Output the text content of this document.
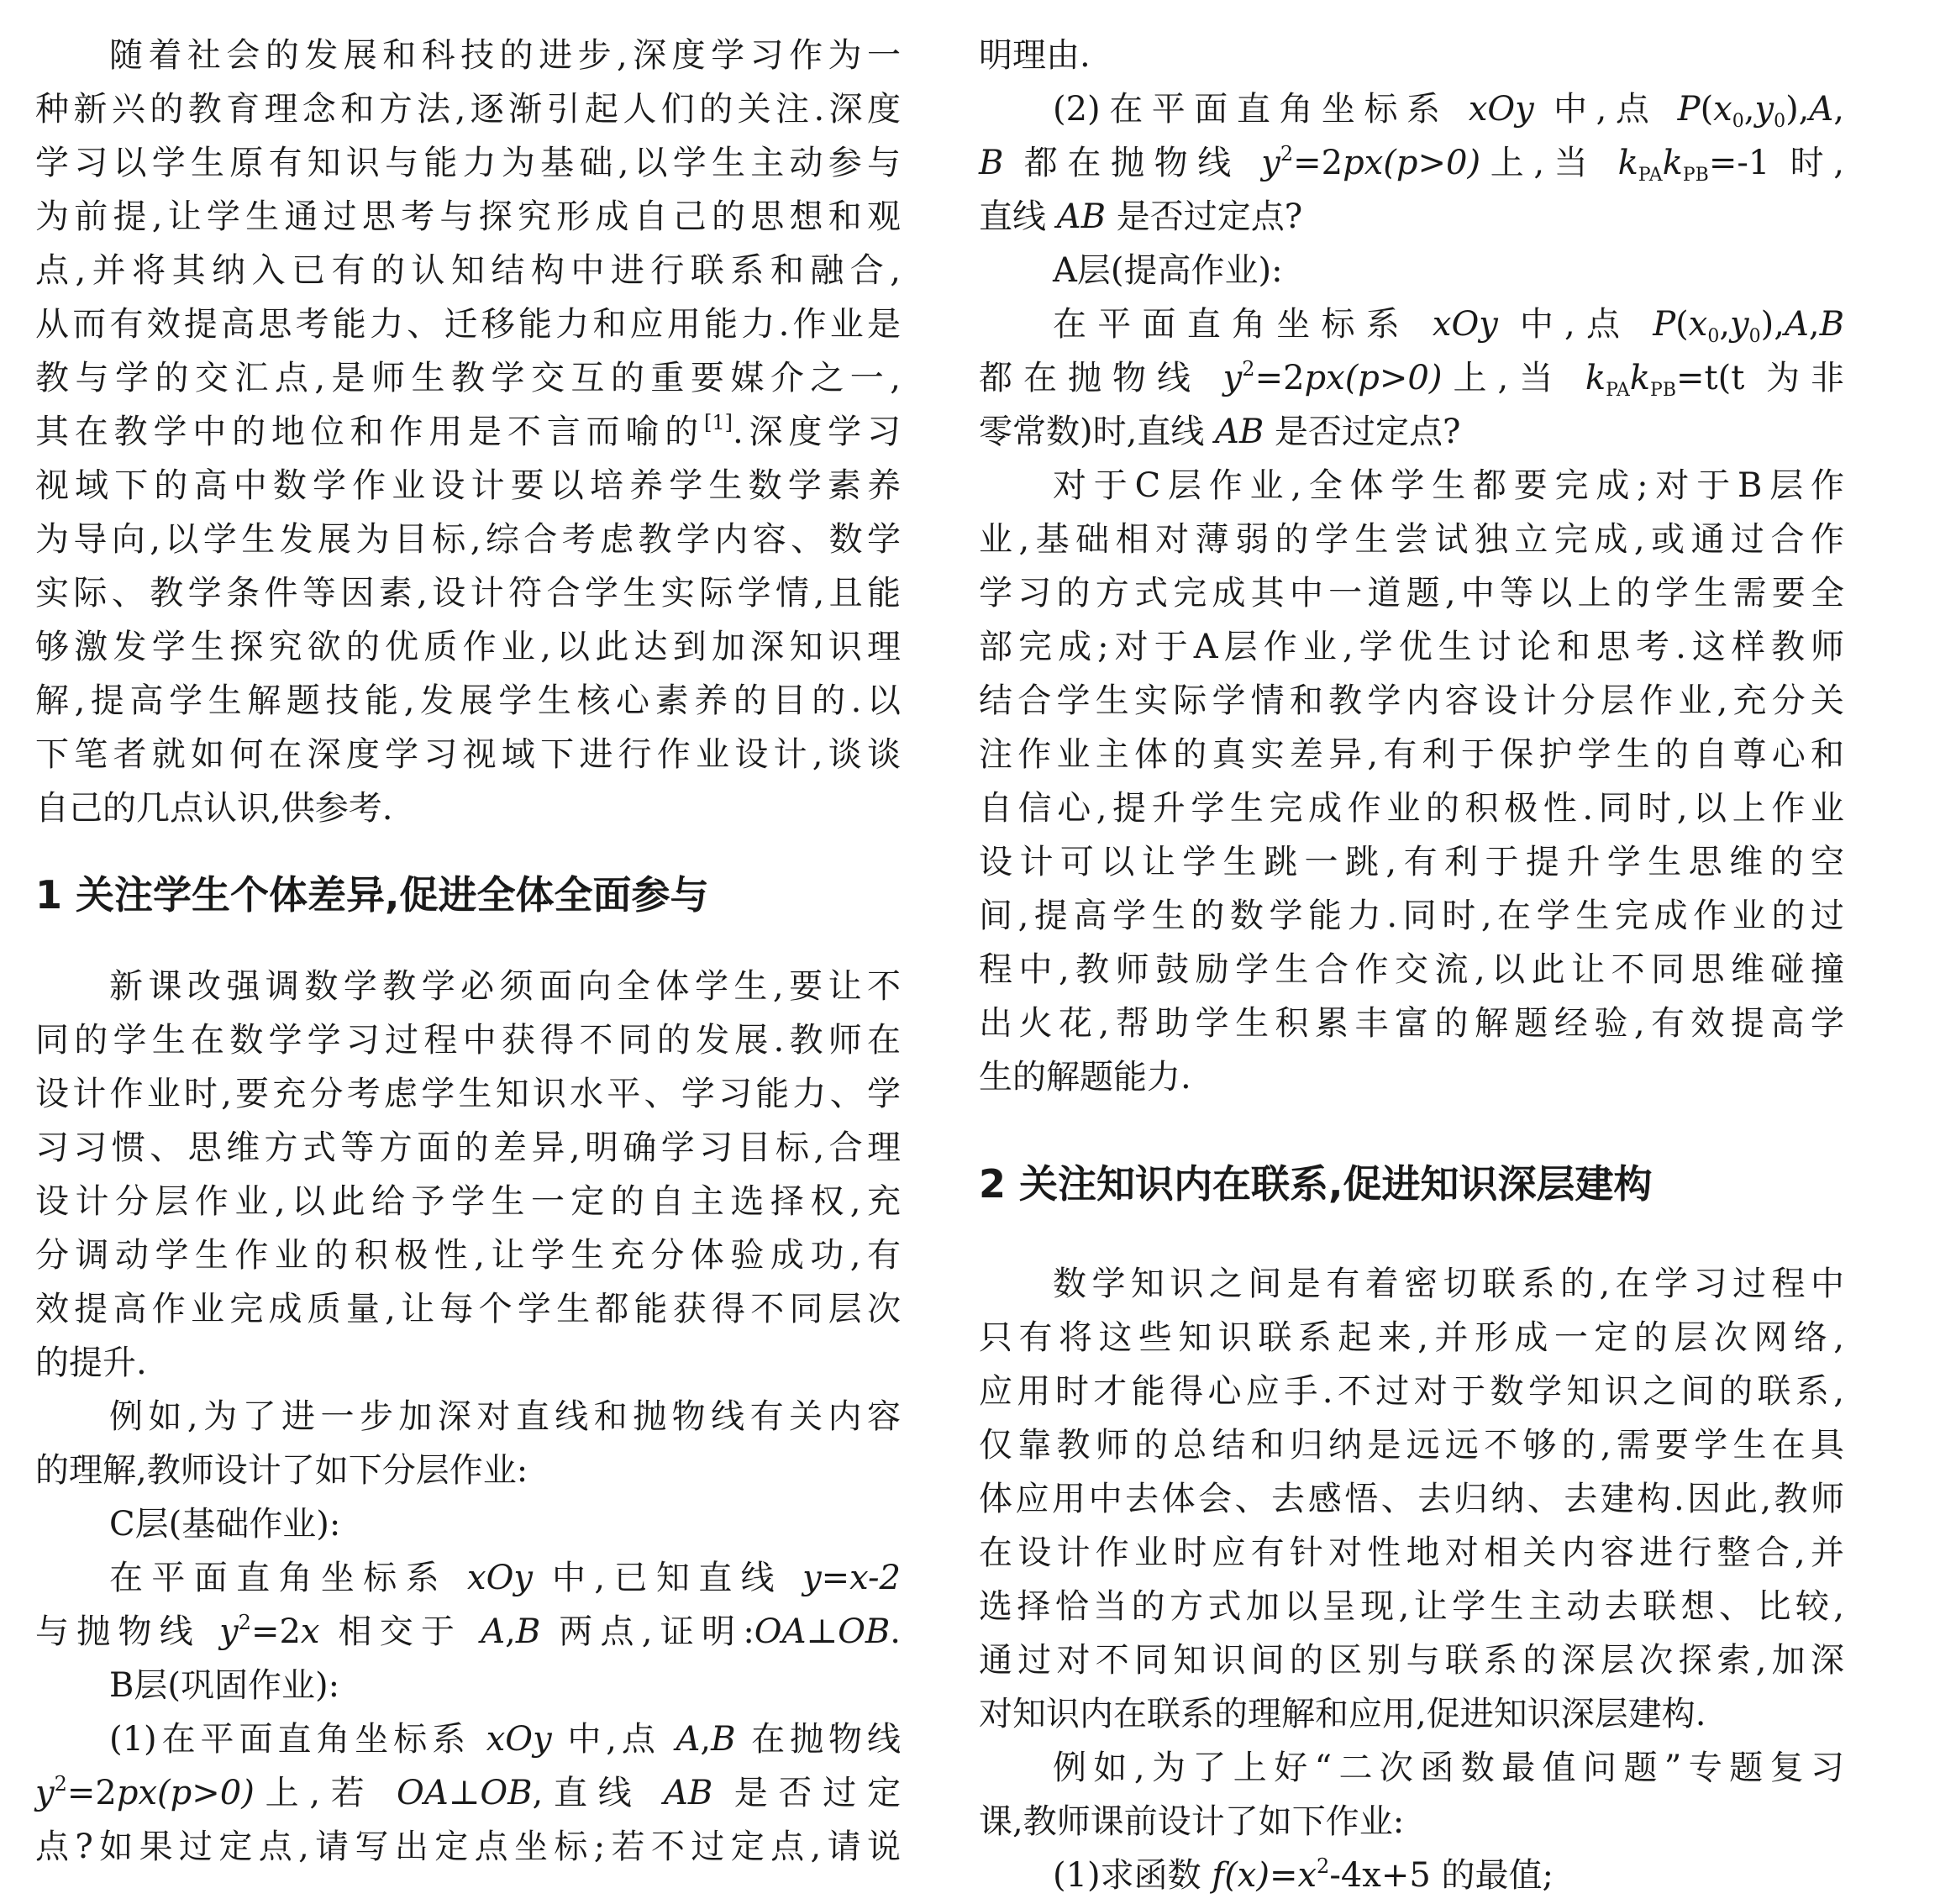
随着社会的发展和科技的进步,深度学习作为一
种新兴的教育理念和方法,逐渐引起人们的关注.深度
学习以学生原有知识与能力为基础,以学生主动参与
为前提,让学生通过思考与探究形成自己的思想和观
点,并将其纳入已有的认知结构中进行联系和融合,
从而有效提高思考能力、迁移能力和应用能力.作业是
教与学的交汇点,是师生教学交互的重要媒介之一,
其在教学中的地位和作用是不言而喻的[1].深度学习
视域下的高中数学作业设计要以培养学生数学素养
为导向,以学生发展为目标,综合考虑教学内容、数学
实际、教学条件等因素,设计符合学生实际学情,且能
够激发学生探究欲的优质作业,以此达到加深知识理
解,提高学生解题技能,发展学生核心素养的目的.以
下笔者就如何在深度学习视域下进行作业设计,谈谈
自己的几点认识,供参考.
1 关注学生个体差异,促进全体全面参与
新课改强调数学教学必须面向全体学生,要让不
同的学生在数学学习过程中获得不同的发展.教师在
设计作业时,要充分考虑学生知识水平、学习能力、学
习习惯、思维方式等方面的差异,明确学习目标,合理
设计分层作业,以此给予学生一定的自主选择权,充
分调动学生作业的积极性,让学生充分体验成功,有
效提高作业完成质量,让每个学生都能获得不同层次
的提升.
例如,为了进一步加深对直线和抛物线有关内容
的理解,教师设计了如下分层作业:
C层(基础作业):
在平面直角坐标系 xOy 中,已知直线 y=x-2
与抛物线 $y^2=2x$ 相交于 A,B 两点,证明:OA⊥OB.
B层(巩固作业):
(1)在平面直角坐标系 xOy 中,点 A,B 在抛物线
$y^2=2px(p>0)$上,若 OA⊥OB,直线 AB 是否过定
点?如果过定点,请写出定点坐标;若不过定点,请说
明理由.
(2)在平面直角坐标系 xOy 中,点 $P(x_0,y_0),A$,
B 都在抛物线 $y^2=2px(p>0)$上,当 $k_{PA}k_{PB}=-1$ 时,
直线 AB 是否过定点?
A层(提高作业):
在平面直角坐标系 xOy 中,点 $P(x_0,y_0),A,B$
都在抛物线 $y^2=2px(p>0)$上,当 $k_{PA}k_{PB}=t(t$ 为非
零常数)时,直线 AB 是否过定点?
对于C层作业,全体学生都要完成;对于B层作
业,基础相对薄弱的学生尝试独立完成,或通过合作
学习的方式完成其中一道题,中等以上的学生需要全
部完成;对于A层作业,学优生讨论和思考.这样教师
结合学生实际学情和教学内容设计分层作业,充分关
注作业主体的真实差异,有利于保护学生的自尊心和
自信心,提升学生完成作业的积极性.同时,以上作业
设计可以让学生跳一跳,有利于提升学生思维的空
间,提高学生的数学能力.同时,在学生完成作业的过
程中,教师鼓励学生合作交流,以此让不同思维碰撞
出火花,帮助学生积累丰富的解题经验,有效提高学
生的解题能力.
2 关注知识内在联系,促进知识深层建构
数学知识之间是有着密切联系的,在学习过程中
只有将这些知识联系起来,并形成一定的层次网络,
应用时才能得心应手.不过对于数学知识之间的联系,
仅靠教师的总结和归纳是远远不够的,需要学生在具
体应用中去体会、去感悟、去归纳、去建构.因此,教师
在设计作业时应有针对性地对相关内容进行整合,并
选择恰当的方式加以呈现,让学生主动去联想、比较,
通过对不同知识间的区别与联系的深层次探索,加深
对知识内在联系的理解和应用,促进知识深层建构.
例如,为了上好“二次函数最值问题”专题复习
课,教师课前设计了如下作业:
(1)求函数 $f(x)=x^2-4x+5$ 的最值;
